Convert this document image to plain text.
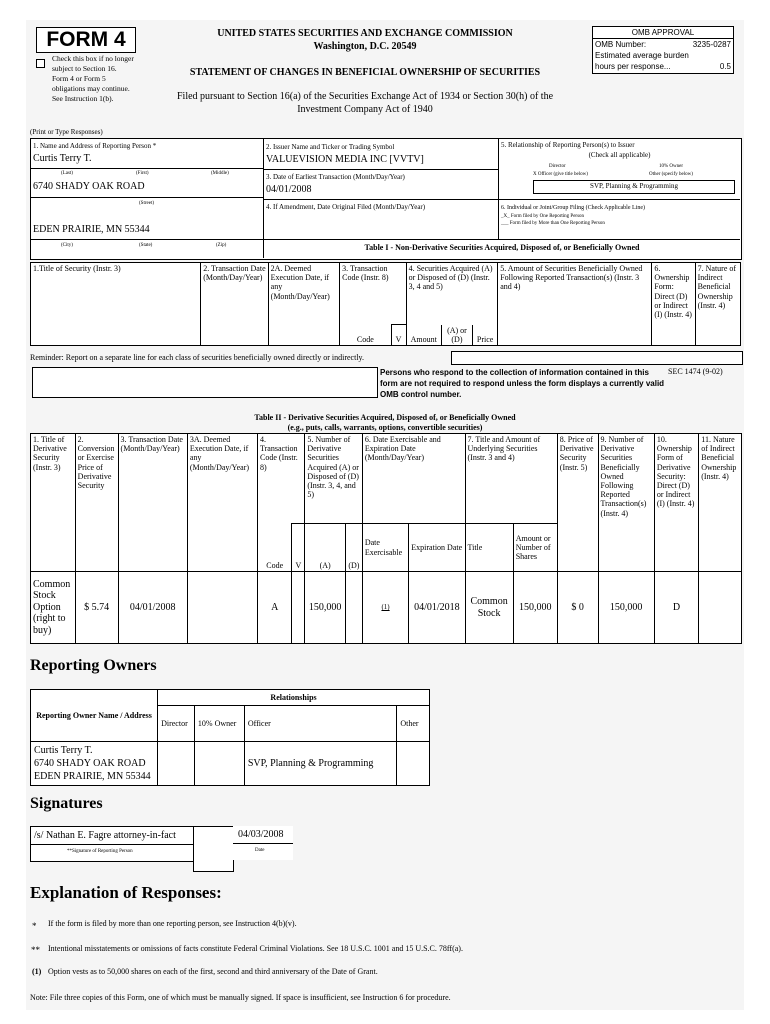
FORM 4
Check this box if no longer subject to Section 16. Form 4 or Form 5 obligations may continue. See Instruction 1(b).
UNITED STATES SECURITIES AND EXCHANGE COMMISSION
Washington, D.C. 20549
STATEMENT OF CHANGES IN BENEFICIAL OWNERSHIP OF SECURITIES
Filed pursuant to Section 16(a) of the Securities Exchange Act of 1934 or Section 30(h) of the Investment Company Act of 1940
OMB APPROVAL
OMB Number:	3235-0287
Estimated average burden
hours per response...	0.5
(Print or Type Responses)
1. Name and Address of Reporting Person *
Curtis Terry T.
(Last)	(First)	(Middle)
6740 SHADY OAK ROAD
(Street)
EDEN PRAIRIE, MN 55344
(City)	(State)	(Zip)
2. Issuer Name and Ticker or Trading Symbol
VALUEVISION MEDIA INC [VVTV]
3. Date of Earliest Transaction (Month/Day/Year)
04/01/2008
4. If Amendment, Date Original Filed (Month/Day/Year)
5. Relationship of Reporting Person(s) to Issuer
(Check all applicable)
Director	10% Owner
X Officer (give title below)	Other (specify below)
SVP, Planning & Programming
6. Individual or Joint/Group Filing (Check Applicable Line)
_X_ Form filed by One Reporting Person
___ Form filed by More than One Reporting Person
Table I - Non-Derivative Securities Acquired, Disposed of, or Beneficially Owned
1.Title of Security (Instr. 3)	2. Transaction Date (Month/Day/Year)	2A. Deemed Execution Date, if any (Month/Day/Year)	3. Transaction Code (Instr. 8)		4. Securities Acquired (A) or Disposed of (D) (Instr. 3, 4 and 5)			5. Amount of Securities Beneficially Owned Following Reported Transaction(s) (Instr. 3 and 4)	6. Ownership Form: Direct (D) or Indirect (I) (Instr. 4)	7. Nature of Indirect Beneficial Ownership (Instr. 4)
			Code	V	Amount	(A) or (D)	Price			
Reminder: Report on a separate line for each class of securities beneficially owned directly or indirectly.
Persons who respond to the collection of information contained in this form are not required to respond unless the form displays a currently valid OMB control number.
SEC 1474 (9-02)
Table II - Derivative Securities Acquired, Disposed of, or Beneficially Owned
(e.g., puts, calls, warrants, options, convertible securities)
1. Title of Derivative Security (Instr. 3)	2. Conversion or Exercise Price of Derivative Security	3. Transaction Date (Month/Day/Year)	3A. Deemed Execution Date, if any (Month/Day/Year)	4. Transaction Code (Instr. 8)		5. Number of Derivative Securities Acquired (A) or Disposed of (D) (Instr. 3, 4, and 5)		6. Date Exercisable and Expiration Date (Month/Day/Year)		7. Title and Amount of Underlying Securities (Instr. 3 and 4)		8. Price of Derivative Security (Instr. 5)	9. Number of Derivative Securities Beneficially Owned Following Reported Transaction(s) (Instr. 4)	10. Ownership Form of Derivative Security: Direct (D) or Indirect (I) (Instr. 4)	11. Nature of Indirect Beneficial Ownership (Instr. 4)
				Code	V	(A)	(D)	Date Exercisable	Expiration Date	Title	Amount or Number of Shares				
Common Stock Option (right to buy)	$ 5.74	04/01/2008		A		150,000		(1)	04/01/2018	Common Stock	150,000	$ 0	150,000	D	
Reporting Owners
Reporting Owner Name / Address	Relationships			
	Director	10% Owner	Officer	Other

Curtis Terry T.
6740 SHADY OAK ROAD
EDEN PRAIRIE, MN 55344			SVP, Planning & Programming	
Signatures
/s/ Nathan E. Fagre attorney-in-fact
**Signature of Reporting Person
04/03/2008
Date
Explanation of Responses:
* If the form is filed by more than one reporting person, see Instruction 4(b)(v).
** Intentional misstatements or omissions of facts constitute Federal Criminal Violations. See 18 U.S.C. 1001 and 15 U.S.C. 78ff(a).
(1) Option vests as to 50,000 shares on each of the first, second and third anniversary of the Date of Grant.
Note: File three copies of this Form, one of which must be manually signed. If space is insufficient, see Instruction 6 for procedure.
